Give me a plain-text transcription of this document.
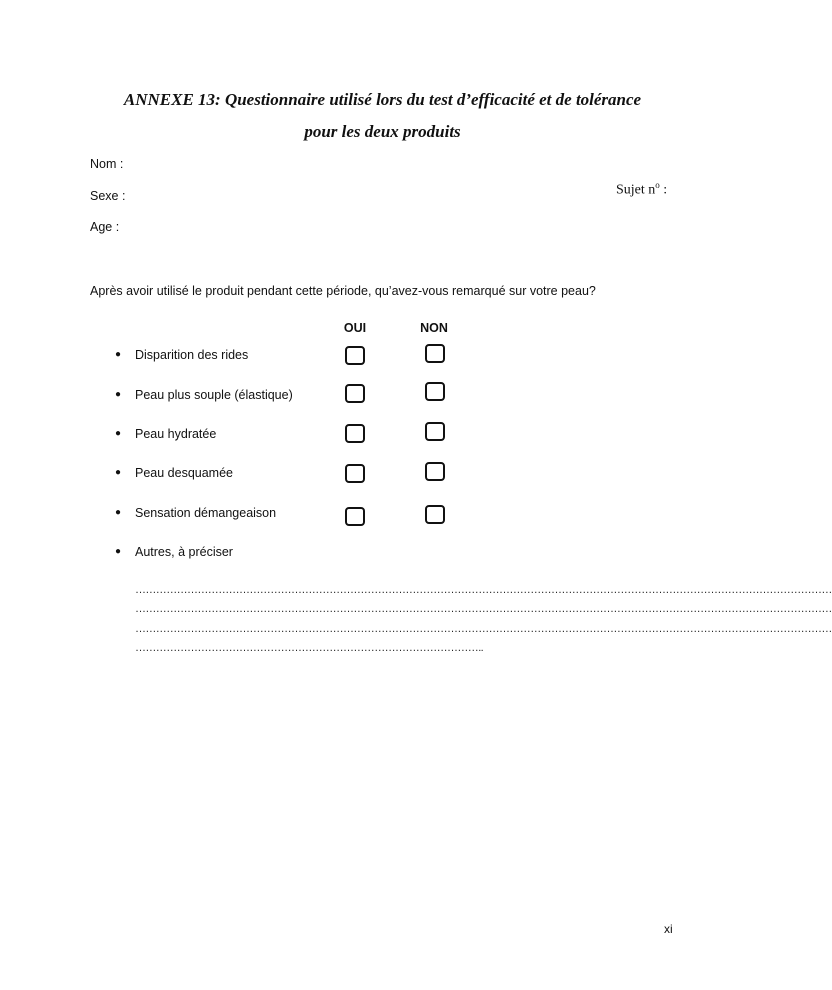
ANNEXE 13: Questionnaire utilisé lors du test d’efficacité et de tolérance
pour les deux produits
Nom :
Sexe :
Age :
Sujet $n^o$ :
Après avoir utilisé le produit pendant cette période, qu’avez-vous remarqué sur votre peau?
OUI	NON
● Disparition des rides
● Peau plus souple (élastique)
● Peau hydratée
● Peau desquamée
● Sensation démangeaison
● Autres, à préciser
…………………………………………………………………………………………………………………………………………………………………………………
…………………………………………………………………………………………………………………………………………………………………………………
…………………………………………………………………………………………………………………………………………………………………………………
………………………………………………………………………………………..
xi
